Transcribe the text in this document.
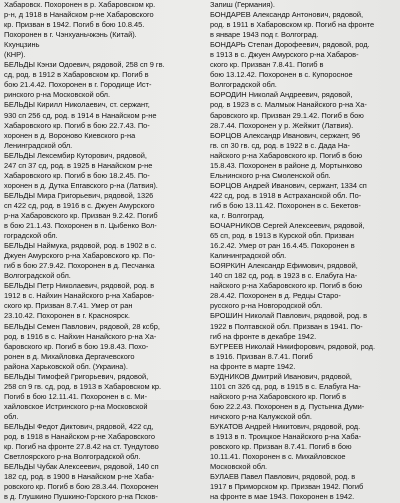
Хабаровск. Похоронен в р. Хабаровском кр.
р-н, д 1918 в Нанайском р-не Хабаровского
кр. Призван в 1942. Погиб в бою 10.8.45.
Похоронен в г. Чэнхуаньчжэнь (Китай).
Кхунцзинь
(КНР).
БЕЛЬДЫ Кэнзи Одоевич, рядовой, 258 сп 9 гв.
сд, род. в 1912 в Хабаровском кр. Погиб в
бою 21.4.42. Похоронен в г. Городище Ист-
ринского р-на Московской обл.
БЕЛЬДЫ Кирилл Николаевич, ст. сержант,
930 сп 256 сд, род. в 1914 в Нанайском р-не
Хабаровского кр. Погиб в бою 22.7.43. По-
хоронен в д. Вороново Киевского р-на
Ленинградской обл.
БЕЛЬДЫ Лексембир Куторович, рядовой,
247 сп 37 сд, род. в 1925 в Нанайском р-не
Хабаровского кр. Погиб в бою 18.2.45. По-
хоронен в д. Дутка Епгавского р-на (Латвия).
БЕЛЬДЫ Мира Григорьевич, рядовой, 1326
сп 422 сд, род. в 1916 в с. Джуен Амурского
р-на Хабаровского кр. Призван 9.2.42. Погиб
в бою 21.1.43. Похоронен в п. Цыбенко Вол-
гоградской обл.
БЕЛЬДЫ Наймука, рядовой, род. в 1902 в с.
Джуен Амурского р-на Хабаровского кр. По-
гиб в бою 27.9.42. Похоронен в д. Песчанка
Волгоградской обл.
БЕЛЬДЫ Петр Николаевич, рядовой, род. в
1912 в с. Найхин Нанайского р-на Хабаров-
ского кр. Призван 8.7.41. Умер от ран
23.10.42. Похоронен в г. Красноярск.
БЕЛЬДЫ Семен Павлович, рядовой, 28 ксбр,
род. в 1916 в с. Найхин Нанайского р-на Ха-
баровского кр. Погиб в бою 19.8.43. Похо-
ронен в д. Михайловка Дергачевского
района Харьковской обл. (Украина).
БЕЛЬДЫ Тимофей Григорьевич, рядовой,
258 сп 9 гв. сд, род. в 1913 в Хабаровском кр.
Погиб в бою 12.11.41. Похоронен в с. Ми-
хайловское Истринского р-на Московской
обл.
БЕЛЬДЫ Федот Диктович, рядовой, 422 сд,
род. в 1918 в Нанайском р-не Хабаровского
кр. Погиб на фронте 27.8.42 на ст. Тундутово
Светлоярского р-на Волгоградской обл.
БЕЛЬДЫ Чубак Алексеевич, рядовой, 140 сп
182 сд, род. в 1900 в Нанайском р-не Хаба-
ровского кр. Погиб в бою 28.3.44. Похоронен
в д. Глушкино Пушкино-Горского р-на Псков-
Запиш (Германия).
БОНДАРЕВ Александр Антонович, рядовой,
род. в 1911 в Хабаровском кр. Погиб на фронте
в январе 1943 под г. Волгоград.
БОНДАРЬ Степан Дорофеевич, рядовой, род.
в 1913 в с. Джуен Амурского р-на Хабаров-
ского кр. Призван 7.8.41. Погиб в
бою 13.12.42. Похоронен в с. Купоросное
Волгоградской обл.
БОРОДИН Николай Андреевич, рядовой,
род. в 1923 в с. Малмыж Нанайского р-на Ха-
баровского кр. Призван 29.1.42. Погиб в бою
28.7.44. Похоронен у р. Жейжит (Латвия).
БОРЦОВ Александр Иванович, сержант, 96
гв. сп 30 гв. сд, род. в 1922 в с. Дада На-
найского р-на Хабаровского кр. Погиб в бою
15.8.43. Похоронен в районе д. Мортынково
Ельнинского р-на Смоленской обл.
БОРЦОВ Андрей Иванович, сержант, 1334 сп
422 сд, род. в 1918 в Астраханской обл. По-
гиб в бою 13.11.42. Похоронен в с. Бекетов-
ка, г. Волгоград.
БОЧАРНИКОВ Сергей Алексеевич, рядовой,
65 сп, род. в 1913 в Курской обл. Призван
16.2.42. Умер от ран 16.4.45. Похоронен в
Калининградской обл.
БОЯРКИН Александр Ефимович, рядовой,
140 сп 182 сд, род. в 1923 в с. Елабуга На-
найского р-на Хабаровского кр. Погиб в бою
28.4.42. Похоронен в д. Редцы Старо-
русского р-на Новгородской обл.
БРОШИН Николай Павлович, рядовой, род. в
1922 в Полтавской обл. Призван в 1941. По-
гиб на фронте в декабре 1942.
БУГРЕЕВ Николай Никифорович, рядовой, род.
в 1916. Призван 8.7.41. Погиб
на фронте в марте 1942.
БУДНИКОВ Дмитрий Иванович, рядовой,
1101 сп 326 сд, род. в 1915 в с. Елабуга На-
найского р-на Хабаровского кр. Погиб в
бою 22.2.43. Похоронен в д. Пустынка Думи-
ничского р-на Калужской обл.
БУКАТОВ Андрей Никитович, рядовой, род.
в 1913 в п. Троицкое Нанайского р-на Хаба-
ровского кр. Призван 8.7.41. Погиб в бою
10.11.41. Похоронен в с. Михайловское
Московской обл.
БУЛАЕВ Павел Павлович, рядовой, род. в
1917 в Приморском кр. Призван 1942. Погиб
на фронте в мае 1943. Похоронен в 1942.
